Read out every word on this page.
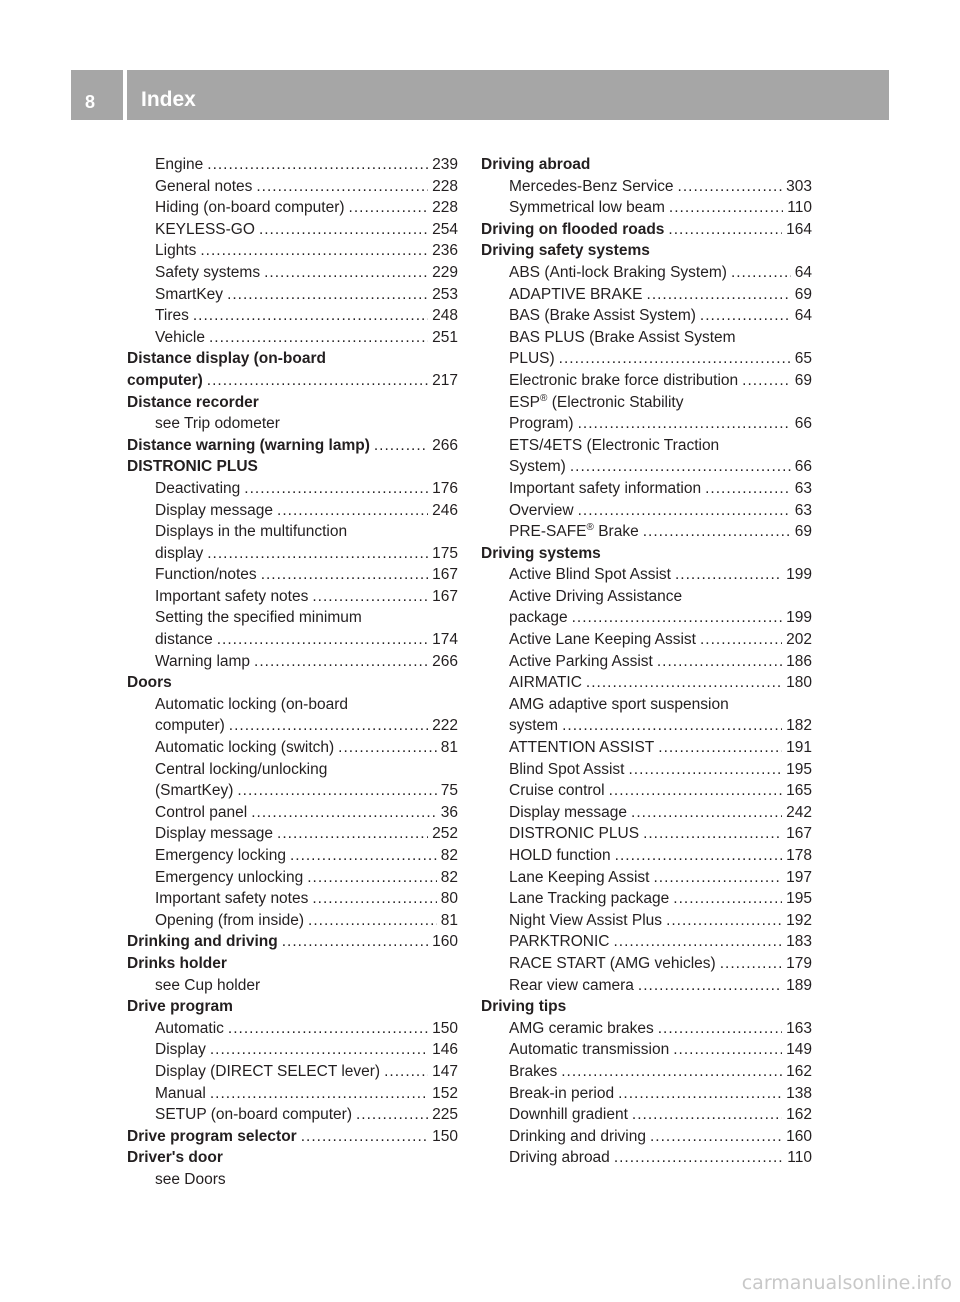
8 Index
Engine .....	239
General notes .....	228
Hiding (on-board computer) .....	228
KEYLESS-GO .....	254
Lights .....	236
Safety systems .....	229
SmartKey .....	253
Tires .....	248
Vehicle .....	251
Distance display (on-board
computer) .....	217
Distance recorder
see Trip odometer
Distance warning (warning lamp) .....	266
DISTRONIC PLUS
Deactivating .....	176
Display message .....	246
Displays in the multifunction
display .....	175
Function/notes .....	167
Important safety notes .....	167
Setting the specified minimum
distance .....	174
Warning lamp .....	266
Doors
Automatic locking (on-board
computer) .....	222
Automatic locking (switch) .....	81
Central locking/unlocking
(SmartKey) .....	75
Control panel .....	36
Display message .....	252
Emergency locking .....	82
Emergency unlocking .....	82
Important safety notes .....	80
Opening (from inside) .....	81
Drinking and driving .....	160
Drinks holder
see Cup holder
Drive program
Automatic .....	150
Display .....	146
Display (DIRECT SELECT lever) .....	147
Manual .....	152
SETUP (on-board computer) .....	225
Drive program selector .....	150
Driver's door
see Doors
Driving abroad
Mercedes-Benz Service .....	303
Symmetrical low beam .....	110
Driving on flooded roads .....	164
Driving safety systems
ABS (Anti-lock Braking System) .....	64
ADAPTIVE BRAKE .....	69
BAS (Brake Assist System) .....	64
BAS PLUS (Brake Assist System
PLUS) .....	65
Electronic brake force distribution .....	69
ESP® (Electronic Stability
Program) .....	66
ETS/4ETS (Electronic Traction
System) .....	66
Important safety information .....	63
Overview .....	63
PRE-SAFE® Brake .....	69
Driving systems
Active Blind Spot Assist .....	199
Active Driving Assistance
package .....	199
Active Lane Keeping Assist .....	202
Active Parking Assist .....	186
AIRMATIC .....	180
AMG adaptive sport suspension
system .....	182
ATTENTION ASSIST .....	191
Blind Spot Assist .....	195
Cruise control .....	165
Display message .....	242
DISTRONIC PLUS .....	167
HOLD function .....	178
Lane Keeping Assist .....	197
Lane Tracking package .....	195
Night View Assist Plus .....	192
PARKTRONIC .....	183
RACE START (AMG vehicles) .....	179
Rear view camera .....	189
Driving tips
AMG ceramic brakes .....	163
Automatic transmission .....	149
Brakes .....	162
Break-in period .....	138
Downhill gradient .....	162
Drinking and driving .....	160
Driving abroad .....	110
carmanualsonline.info
